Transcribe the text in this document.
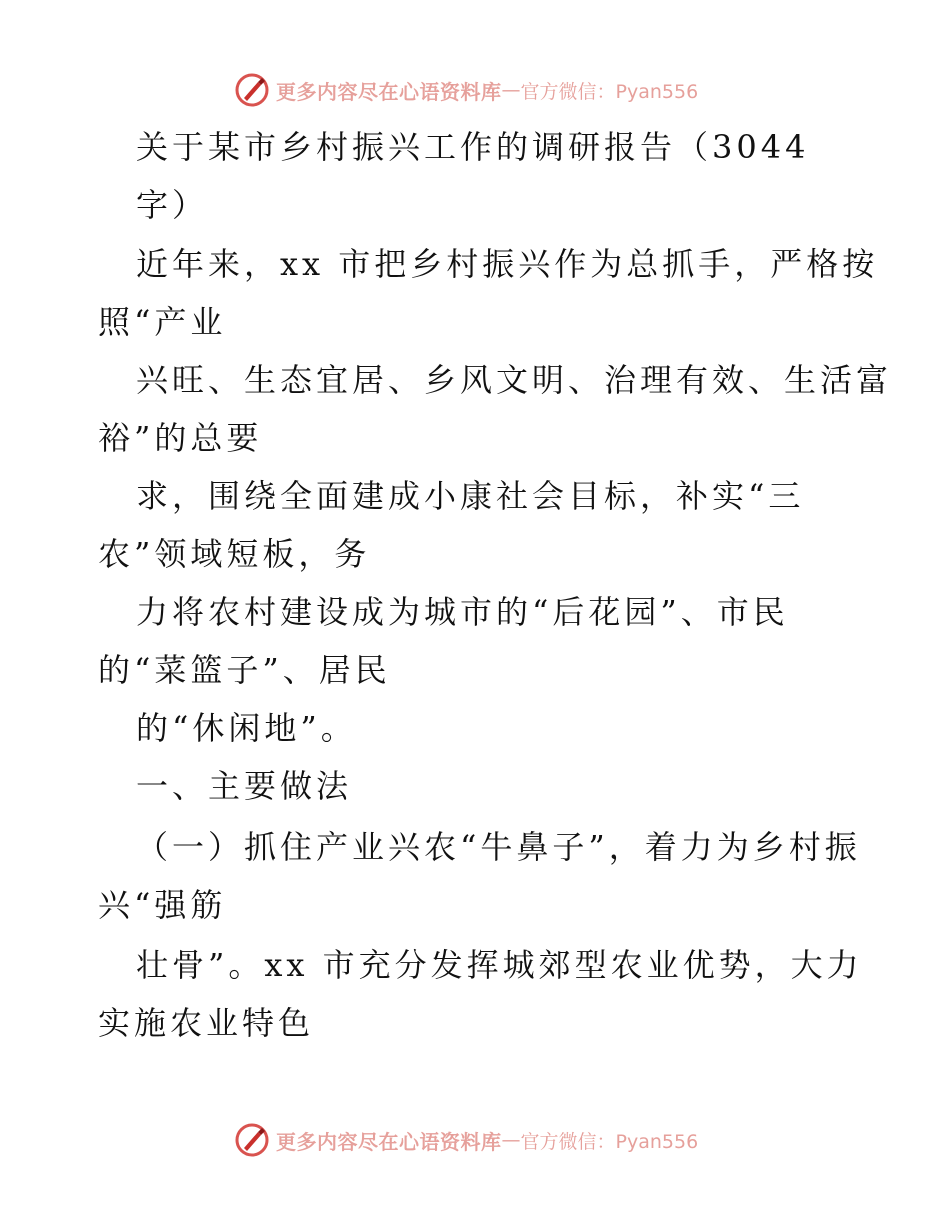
更多内容尽在心语资料库 — 官方微信：Pyan556
关于某市乡村振兴工作的调研报告（3044
字）
近年来，xx 市把乡村振兴作为总抓手，严格按
照“产业
兴旺、生态宜居、乡风文明、治理有效、生活富
裕”的总要
求，围绕全面建成小康社会目标，补实“三
农”领域短板，务
力将农村建设成为城市的“后花园”、市民
的“菜篮子”、居民
的“休闲地”。
一、主要做法
（一）抓住产业兴农“牛鼻子”，着力为乡村振
兴“强筋
壮骨”。xx 市充分发挥城郊型农业优势，大力
实施农业特色
更多内容尽在心语资料库 — 官方微信：Pyan556
